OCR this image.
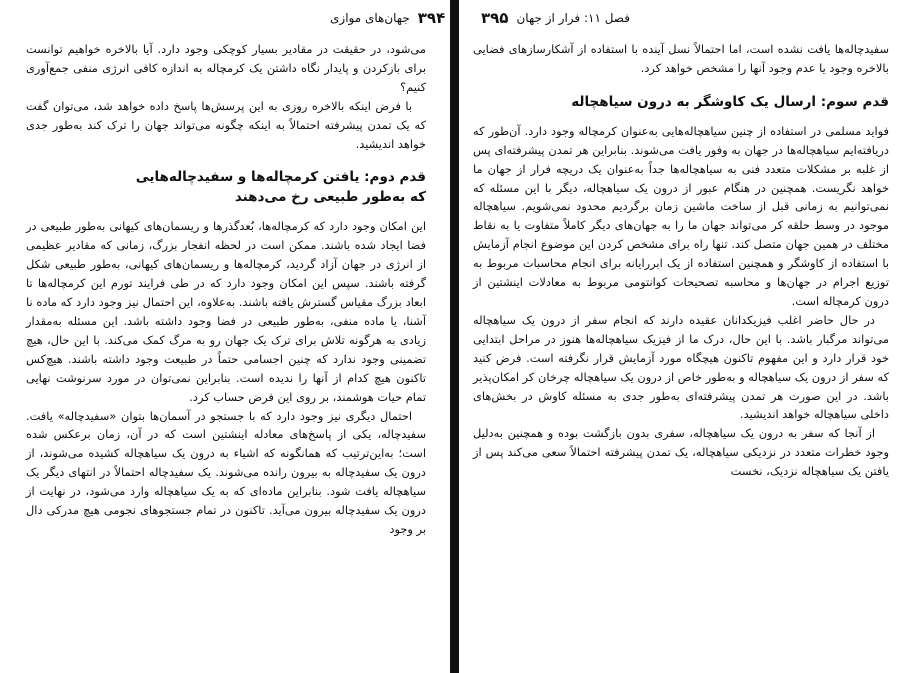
۳۹۴
جهان‌های موازی

می‌شود، در حقیقت در مقادیر بسیار کوچکی وجود دارد. آیا بالاخره خواهیم توانست برای بازکردن و پایدار نگاه داشتن یک کرمچاله به اندازه کافی انرژی منفی جمع‌آوری کنیم؟

با فرض اینکه بالاخره روزی به این پرسش‌ها پاسخ داده خواهد شد، می‌توان گفت که یک تمدن پیشرفته احتمالاً به اینکه چگونه می‌تواند جهان را ترک کند به‌طور جدی خواهد اندیشید.

قدم دوم: یافتن کرمچاله‌ها و سفیدچاله‌هایی
که به‌طور طبیعی رخ می‌دهند

این امکان وجود دارد که کرمچاله‌ها، بُعدگذرها و ریسمان‌های کیهانی به‌طور طبیعی در فضا ایجاد شده باشند. ممکن است در لحظه انفجار بزرگ، زمانی که مقادیر عظیمی از انرژی در جهان آزاد گردید، کرمچاله‌ها و ریسمان‌های کیهانی، به‌طور طبیعی شکل گرفته باشند. سپس این امکان وجود دارد که در طی فرایند تورم این کرمچاله‌ها تا ابعاد بزرگ مقیاس گسترش یافته باشند. به‌علاوه، این احتمال نیز وجود دارد که ماده نا آشنا، یا ماده منفی، به‌طور طبیعی در فضا وجود داشته باشد. این مسئله به‌مقدار زیادی به هرگونه تلاش برای ترک یک جهان رو به مرگ کمک می‌کند. با این حال، هیچ تضمینی وجود ندارد که چنین اجسامی حتماً در طبیعت وجود داشته باشند. هیچ‌کس تاکنون هیچ کدام از آنها را ندیده است. بنابراین نمی‌توان در مورد سرنوشت نهایی تمام حیات هوشمند، بر روی این فرض حساب کرد.

احتمال دیگری نیز وجود دارد که با جستجو در آسمان‌ها بتوان «سفیدچاله» یافت. سفیدچاله، یکی از پاسخ‌های معادله اینشتین است که در آن، زمان برعکس شده است؛ به‌این‌ترتیب که همانگونه که اشیاء به درون یک سیاهچاله کشیده می‌شوند، از درون یک سفیدچاله به بیرون رانده می‌شوند. یک سفیدچاله احتمالاً در انتهای دیگر یک سیاهچاله یافت شود. بنابراین ماده‌ای که به یک سیاهچاله وارد می‌شود، در نهایت از درون یک سفیدچاله بیرون می‌آید. تاکنون در تمام جستجوهای نجومی هیچ مدرکی دال بر وجود

فصل ۱۱: فرار از جهان
۳۹۵

سفیدچاله‌ها یافت نشده است، اما احتمالاً نسل آینده با استفاده از آشکارسازهای فضایی بالاخره وجود یا عدم وجود آنها را مشخص خواهد کرد.

قدم سوم: ارسال یک کاوشگر به درون سیاهچاله

فواید مسلمی در استفاده از چنین سیاهچاله‌هایی به‌عنوان کرمچاله وجود دارد. آن‌طور که دریافته‌ایم سیاهچاله‌ها در جهان به وفور یافت می‌شوند. بنابراین هر تمدن پیشرفته‌ای پس از غلبه بر مشکلات متعدد فنی به سیاهچاله‌ها جداً به‌عنوان یک دریچه فرار از جهان ما خواهد نگریست. همچنین در هنگام عبور از درون یک سیاهچاله، دیگر با این مسئله که نمی‌توانیم به زمانی قبل از ساخت ماشین زمان برگردیم محدود نمی‌شویم. سیاهچاله موجود در وسط حلقه کر می‌تواند جهان ما را به جهان‌های دیگر کاملاً متفاوت یا به نقاط مختلف در همین جهان متصل کند. تنها راه برای مشخص کردن این موضوع انجام آزمایش با استفاده از کاوشگر و همچنین استفاده از یک ابررایانه برای انجام محاسبات مربوط به توزیع اجرام در جهان‌ها و محاسبه تصحیحات کوانتومی مربوط به معادلات اینشتین از درون کرمچاله است.

در حال حاضر اغلب فیزیکدانان عقیده دارند که انجام سفر از درون یک سیاهچاله می‌تواند مرگبار باشد. با این حال، درک ما از فیزیک سیاهچاله‌ها هنوز در مراحل ابتدایی خود قرار دارد و این مفهوم تاکنون هیچگاه مورد آزمایش قرار نگرفته است. فرض کنید که سفر از درون یک سیاهچاله و به‌طور خاص از درون یک سیاهچاله چرخان کر امکان‌پذیر باشد. در این صورت هر تمدن پیشرفته‌ای به‌طور جدی به مسئله کاوش در بخش‌های داخلی سیاهچاله خواهد اندیشید.

از آنجا که سفر به درون یک سیاهچاله، سفری بدون بازگشت بوده و همچنین به‌دلیل وجود خطرات متعدد در نزدیکی سیاهچاله، یک تمدن پیشرفته احتمالاً سعی می‌کند پس از یافتن یک سیاهچاله نزدیک، نخست
